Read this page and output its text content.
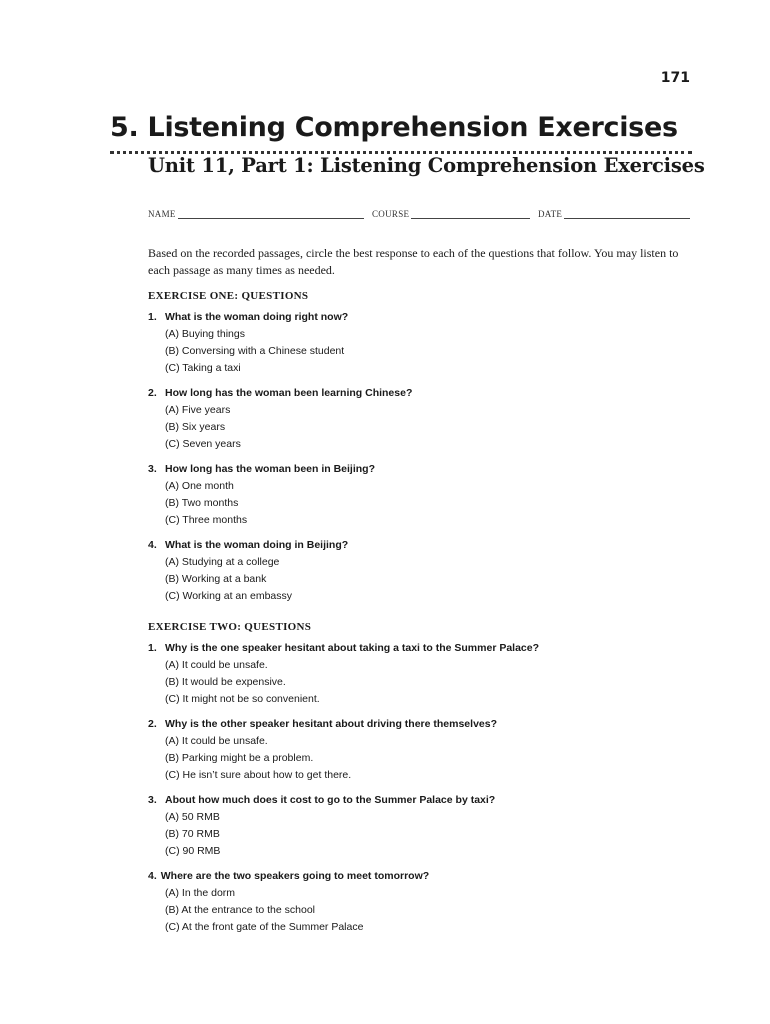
171
5. Listening Comprehension Exercises
Unit 11, Part 1: Listening Comprehension Exercises
NAME	COURSE	DATE

Based on the recorded passages, circle the best response to each of the questions that follow. You may listen to each passage as many times as needed.

EXERCISE ONE: QUESTIONS
1. What is the woman doing right now?
(A) Buying things
(B) Conversing with a Chinese student
(C) Taking a taxi
2. How long has the woman been learning Chinese?
(A) Five years
(B) Six years
(C) Seven years
3. How long has the woman been in Beijing?
(A) One month
(B) Two months
(C) Three months
4. What is the woman doing in Beijing?
(A) Studying at a college
(B) Working at a bank
(C) Working at an embassy
EXERCISE TWO: QUESTIONS
1. Why is the one speaker hesitant about taking a taxi to the Summer Palace?
(A) It could be unsafe.
(B) It would be expensive.
(C) It might not be so convenient.
2. Why is the other speaker hesitant about driving there themselves?
(A) It could be unsafe.
(B) Parking might be a problem.
(C) He isn’t sure about how to get there.
3. About how much does it cost to go to the Summer Palace by taxi?
(A) 50 RMB
(B) 70 RMB
(C) 90 RMB
4. Where are the two speakers going to meet tomorrow?
(A) In the dorm
(B) At the entrance to the school
(C) At the front gate of the Summer Palace
